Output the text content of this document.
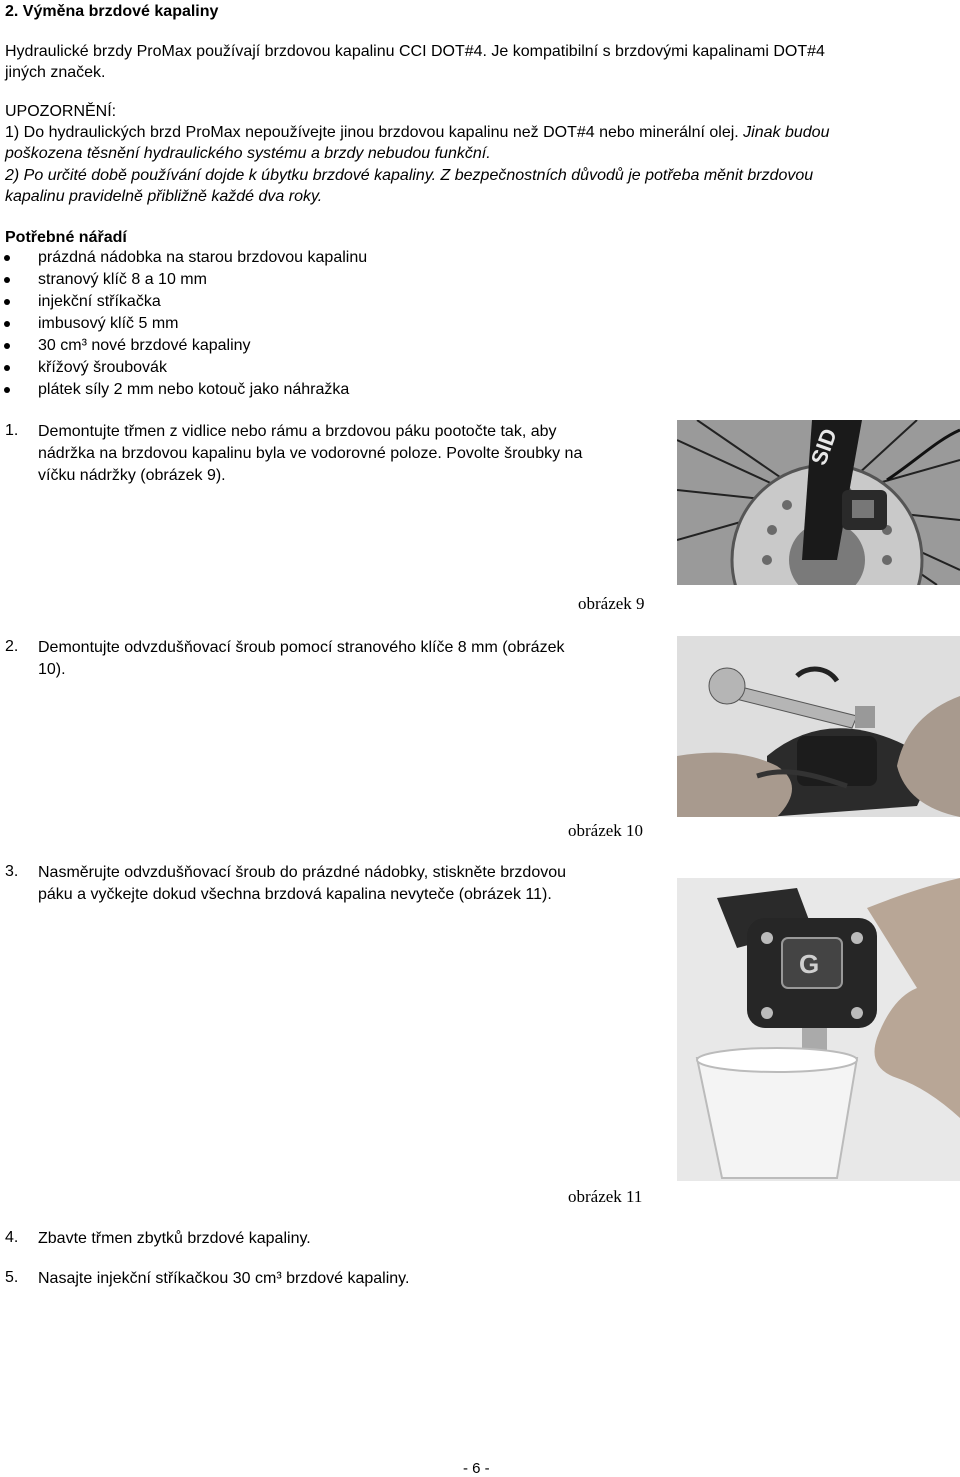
2. Výměna brzdové kapaliny
Hydraulické brzdy ProMax používají brzdovou kapalinu CCI DOT#4. Je kompatibilní s brzdovými kapalinami DOT#4
jiných značek.
UPOZORNĚNÍ:
1) Do hydraulických brzd ProMax nepoužívejte jinou brzdovou kapalinu než DOT#4 nebo minerální olej. Jinak budou
poškozena těsnění hydraulického systému a brzdy nebudou funkční.
2) Po určité době používání dojde k úbytku brzdové kapaliny. Z bezpečnostních důvodů je potřeba měnit brzdovou
kapalinu pravidelně přibližně každé dva roky.
Potřebné nářadí
prázdná nádobka na starou brzdovou kapalinu
stranový klíč 8 a 10 mm
injekční stříkačka
imbusový klíč 5 mm
30 cm³ nové brzdové kapaliny
křížový šroubovák
plátek síly 2 mm nebo kotouč jako náhražka
1. Demontujte třmen z vidlice nebo rámu a brzdovou páku pootočte tak, aby
nádržka na brzdovou kapalinu byla ve vodorovné poloze. Povolte šroubky na
víčku nádržky (obrázek 9).
SID
obrázek 9
2. Demontujte odvzdušňovací šroub pomocí stranového klíče 8 mm (obrázek
10).
obrázek 10
3. Nasměrujte odvzdušňovací šroub do prázdné nádobky, stiskněte brzdovou
páku a vyčkejte dokud všechna brzdová kapalina nevyteče (obrázek 11).
G
obrázek 11
4. Zbavte třmen zbytků brzdové kapaliny.
5. Nasajte injekční stříkačkou 30 cm³ brzdové kapaliny.
- 6 -
